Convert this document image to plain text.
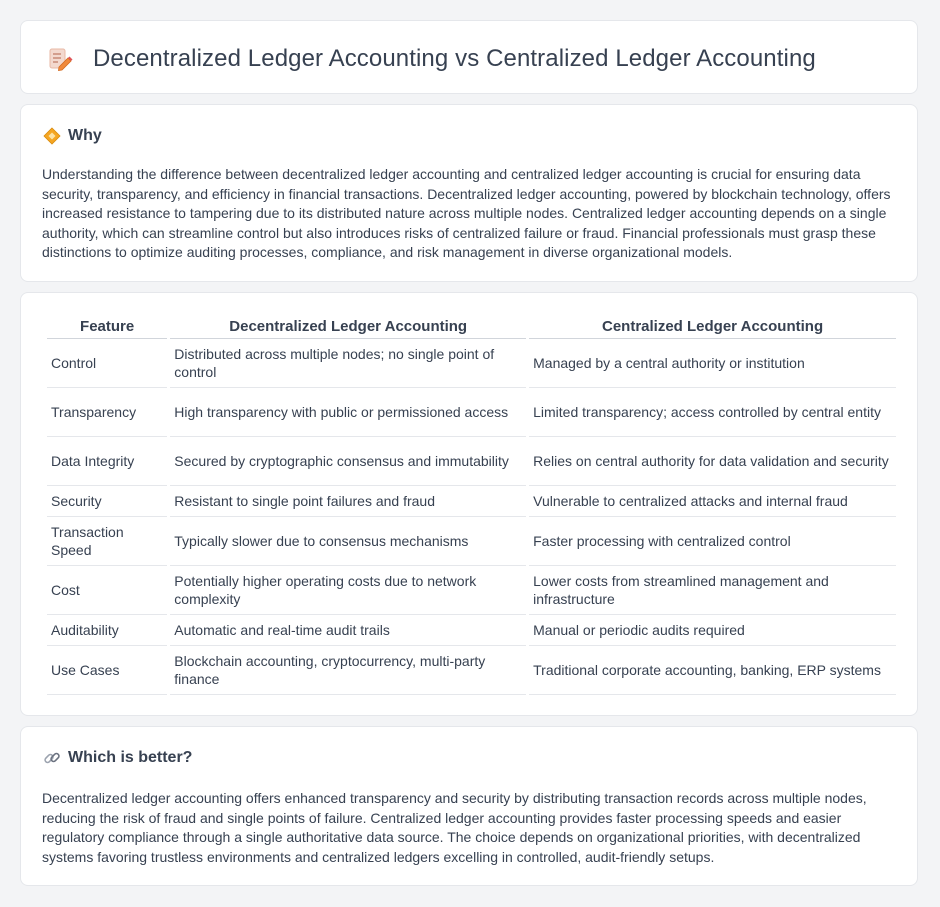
Decentralized Ledger Accounting vs Centralized Ledger Accounting
Why

Understanding the difference between decentralized ledger accounting and centralized ledger accounting is crucial for ensuring data security, transparency, and efficiency in financial transactions. Decentralized ledger accounting, powered by blockchain technology, offers increased resistance to tampering due to its distributed nature across multiple nodes. Centralized ledger accounting depends on a single authority, which can streamline control but also introduces risks of centralized failure or fraud. Financial professionals must grasp these distinctions to optimize auditing processes, compliance, and risk management in diverse organizational models.

Feature	Decentralized Ledger Accounting	Centralized Ledger Accounting
Control	Distributed across multiple nodes; no single point of control	Managed by a central authority or institution
Transparency	High transparency with public or permissioned access	Limited transparency; access controlled by central entity
Data Integrity	Secured by cryptographic consensus and immutability	Relies on central authority for data validation and security
Security	Resistant to single point failures and fraud	Vulnerable to centralized attacks and internal fraud
Transaction Speed	Typically slower due to consensus mechanisms	Faster processing with centralized control
Cost	Potentially higher operating costs due to network complexity	Lower costs from streamlined management and infrastructure
Auditability	Automatic and real-time audit trails	Manual or periodic audits required
Use Cases	Blockchain accounting, cryptocurrency, multi-party finance	Traditional corporate accounting, banking, ERP systems
Which is better?

Decentralized ledger accounting offers enhanced transparency and security by distributing transaction records across multiple nodes, reducing the risk of fraud and single points of failure. Centralized ledger accounting provides faster processing speeds and easier regulatory compliance through a single authoritative data source. The choice depends on organizational priorities, with decentralized systems favoring trustless environments and centralized ledgers excelling in controlled, audit-friendly setups.
